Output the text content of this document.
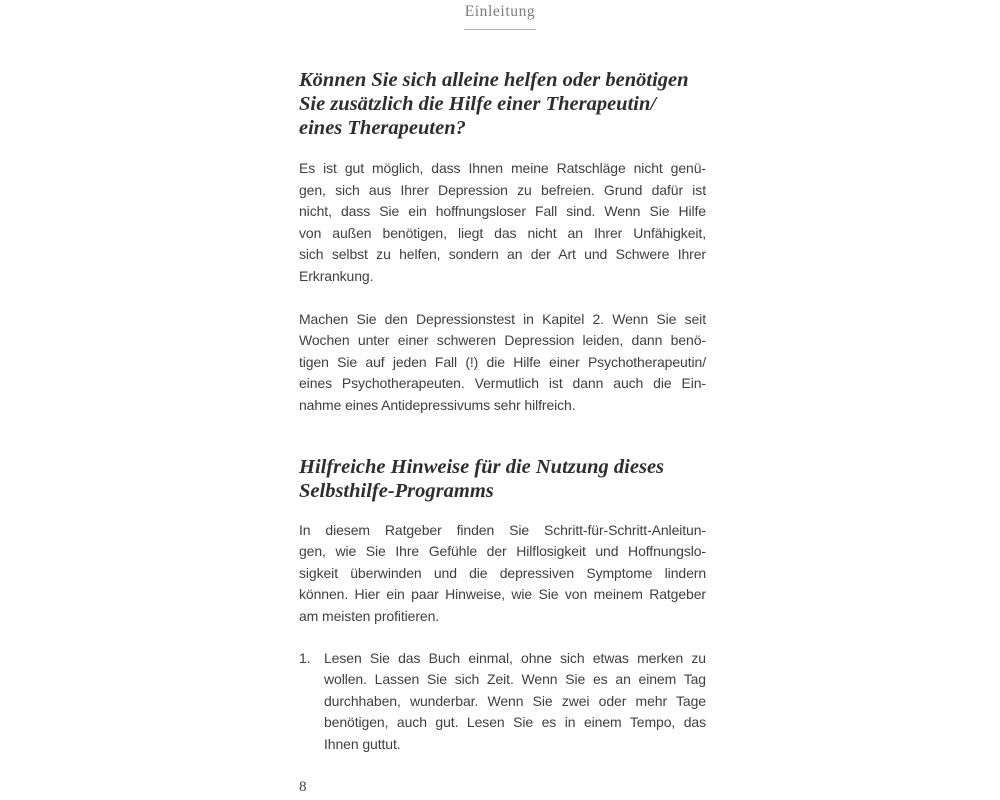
Einleitung
Können Sie sich alleine helfen oder benötigen
Sie zusätzlich die Hilfe einer Therapeutin/
eines Therapeuten?
Es ist gut möglich, dass Ihnen meine Ratschläge nicht genü-
gen, sich aus Ihrer Depression zu befreien. Grund dafür ist
nicht, dass Sie ein hoffnungsloser Fall sind. Wenn Sie Hilfe
von außen benötigen, liegt das nicht an Ihrer Unfähigkeit,
sich selbst zu helfen, sondern an der Art und Schwere Ihrer
Erkrankung.
Machen Sie den Depressionstest in Kapitel 2. Wenn Sie seit
Wochen unter einer schweren Depression leiden, dann benö-
tigen Sie auf jeden Fall (!) die Hilfe einer Psychotherapeutin/
eines Psychotherapeuten. Vermutlich ist dann auch die Ein-
nahme eines Antidepressivums sehr hilfreich.
Hilfreiche Hinweise für die Nutzung dieses
Selbsthilfe-Programms
In diesem Ratgeber finden Sie Schritt-für-Schritt-Anleitun-
gen, wie Sie Ihre Gefühle der Hilflosigkeit und Hoffnungslo-
sigkeit überwinden und die depressiven Symptome lindern
können. Hier ein paar Hinweise, wie Sie von meinem Ratgeber
am meisten profitieren.
1. Lesen Sie das Buch einmal, ohne sich etwas merken zu
wollen. Lassen Sie sich Zeit. Wenn Sie es an einem Tag
durchhaben, wunderbar. Wenn Sie zwei oder mehr Tage
benötigen, auch gut. Lesen Sie es in einem Tempo, das
Ihnen guttut.
8
